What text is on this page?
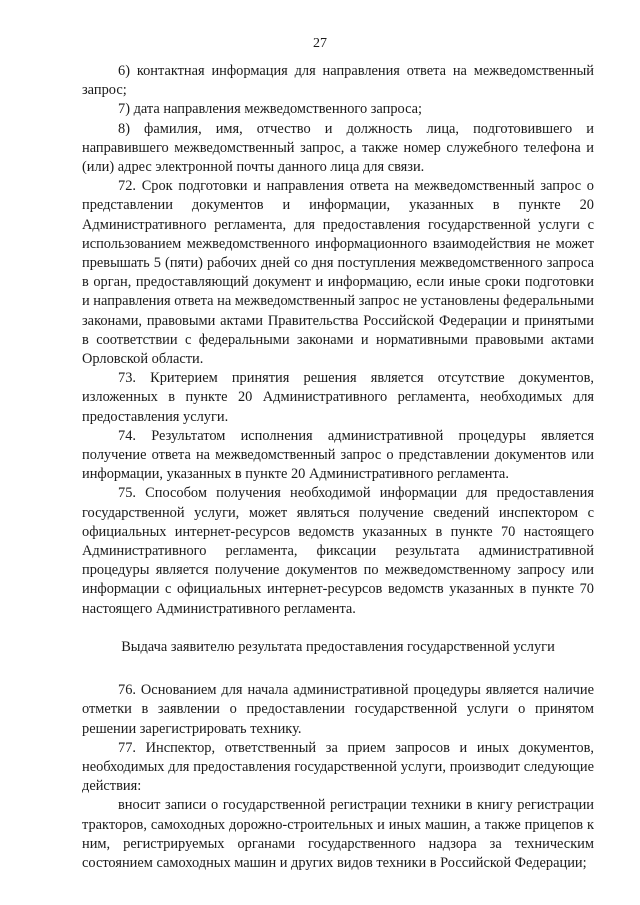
27

6) контактная информация для направления ответа на межведомственный запрос;

7) дата направления межведомственного запроса;

8) фамилия, имя, отчество и должность лица, подготовившего и направившего межведомственный запрос, а также номер служебного телефона и (или) адрес электронной почты данного лица для связи.

72. Срок подготовки и направления ответа на межведомственный запрос о представлении документов и информации, указанных в пункте 20 Административного регламента, для предоставления государственной услуги с использованием межведомственного информационного взаимодействия не может превышать 5 (пяти) рабочих дней со дня поступления межведомственного запроса в орган, предоставляющий документ и информацию, если иные сроки подготовки и направления ответа на межведомственный запрос не установлены федеральными законами, правовыми актами Правительства Российской Федерации и принятыми в соответствии с федеральными законами и нормативными правовыми актами Орловской области.

73. Критерием принятия решения является отсутствие документов, изложенных в пункте 20 Административного регламента, необходимых для предоставления услуги.

74. Результатом исполнения административной процедуры является получение ответа на межведомственный запрос о представлении документов или информации, указанных в пункте 20 Административного регламента.

75. Способом получения необходимой информации для предоставления государственной услуги, может являться получение сведений инспектором с официальных интернет-ресурсов ведомств указанных в пункте 70 настоящего Административного регламента, фиксации результата административной процедуры является получение документов по межведомственному запросу или информации с официальных интернет-ресурсов ведомств указанных в пункте 70 настоящего Административного регламента.

Выдача заявителю результата предоставления государственной услуги

76. Основанием для начала административной процедуры является наличие отметки в заявлении о предоставлении государственной услуги о принятом решении зарегистрировать технику.

77. Инспектор, ответственный за прием запросов и иных документов, необходимых для предоставления государственной услуги, производит следующие действия:

вносит записи о государственной регистрации техники в книгу регистрации тракторов, самоходных дорожно-строительных и иных машин, а также прицепов к ним, регистрируемых органами государственного надзора за техническим состоянием самоходных машин и других видов техники в Российской Федерации;
